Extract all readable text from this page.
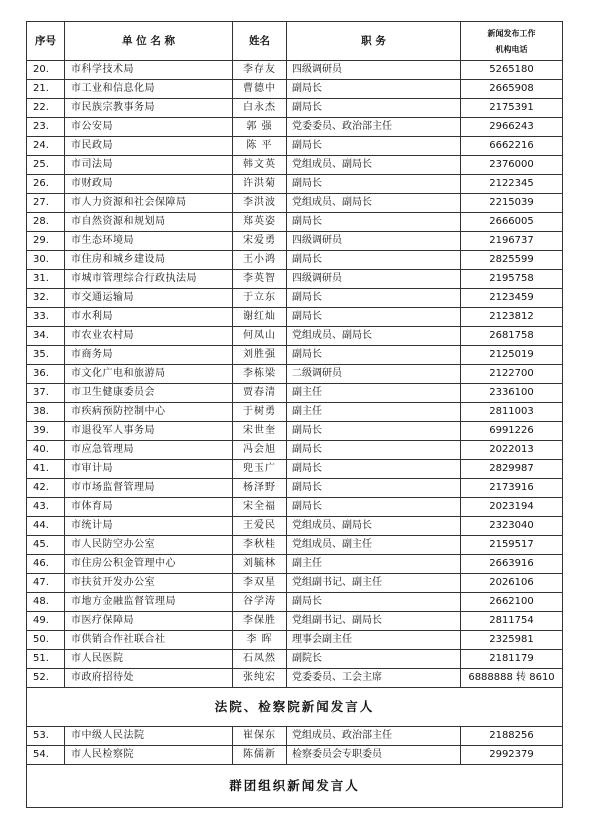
序号	单 位 名 称	姓名	职 务	新闻发布工作
机构电话

20.	市科学技术局	李存友	四级调研员	5265180
21.	市工业和信息化局	曹德中	副局长	2665908
22.	市民族宗教事务局	白永杰	副局长	2175391
23.	市公安局	郭 强	党委委员、政治部主任	2966243
24.	市民政局	陈 平	副局长	6662216
25.	市司法局	韩文英	党组成员、副局长	2376000
26.	市财政局	许洪菊	副局长	2122345
27.	市人力资源和社会保障局	李洪波	党组成员、副局长	2215039
28.	市自然资源和规划局	郑英姿	副局长	2666005
29.	市生态环境局	宋爱勇	四级调研员	2196737
30.	市住房和城乡建设局	王小鸿	副局长	2825599
31.	市城市管理综合行政执法局	李英智	四级调研员	2195758
32.	市交通运输局	于立东	副局长	2123459
33.	市水利局	谢红灿	副局长	2123812
34.	市农业农村局	何凤山	党组成员、副局长	2681758
35.	市商务局	刘胜强	副局长	2125019
36.	市文化广电和旅游局	李栋梁	二级调研员	2122700
37.	市卫生健康委员会	贾春清	副主任	2336100
38.	市疾病预防控制中心	于树勇	副主任	2811003
39.	市退役军人事务局	宋世奎	副局长	6991226
40.	市应急管理局	冯会旭	副局长	2022013
41.	市审计局	兜玉广	副局长	2829987
42.	市市场监督管理局	杨泽野	副局长	2173916
43.	市体育局	宋全福	副局长	2023194
44.	市统计局	王爱民	党组成员、副局长	2323040
45.	市人民防空办公室	李秋桂	党组成员、副主任	2159517
46.	市住房公积金管理中心	刘毓林	副主任	2663916
47.	市扶贫开发办公室	李双星	党组副书记、副主任	2026106
48.	市地方金融监督管理局	谷学涛	副局长	2662100
49.	市医疗保障局	李保胜	党组副书记、副局长	2811754
50.	市供销合作社联合社	李 晖	理事会副主任	2325981
51.	市人民医院	石凤然	副院长	2181179
52.	市政府招待处	张纯宏	党委委员、工会主席	6888888 转 8610
法院、检察院新闻发言人				
53.	市中级人民法院	崔保东	党组成员、政治部主任	2188256
54.	市人民检察院	陈儒新	检察委员会专职委员	2992379
群团组织新闻发言人				
